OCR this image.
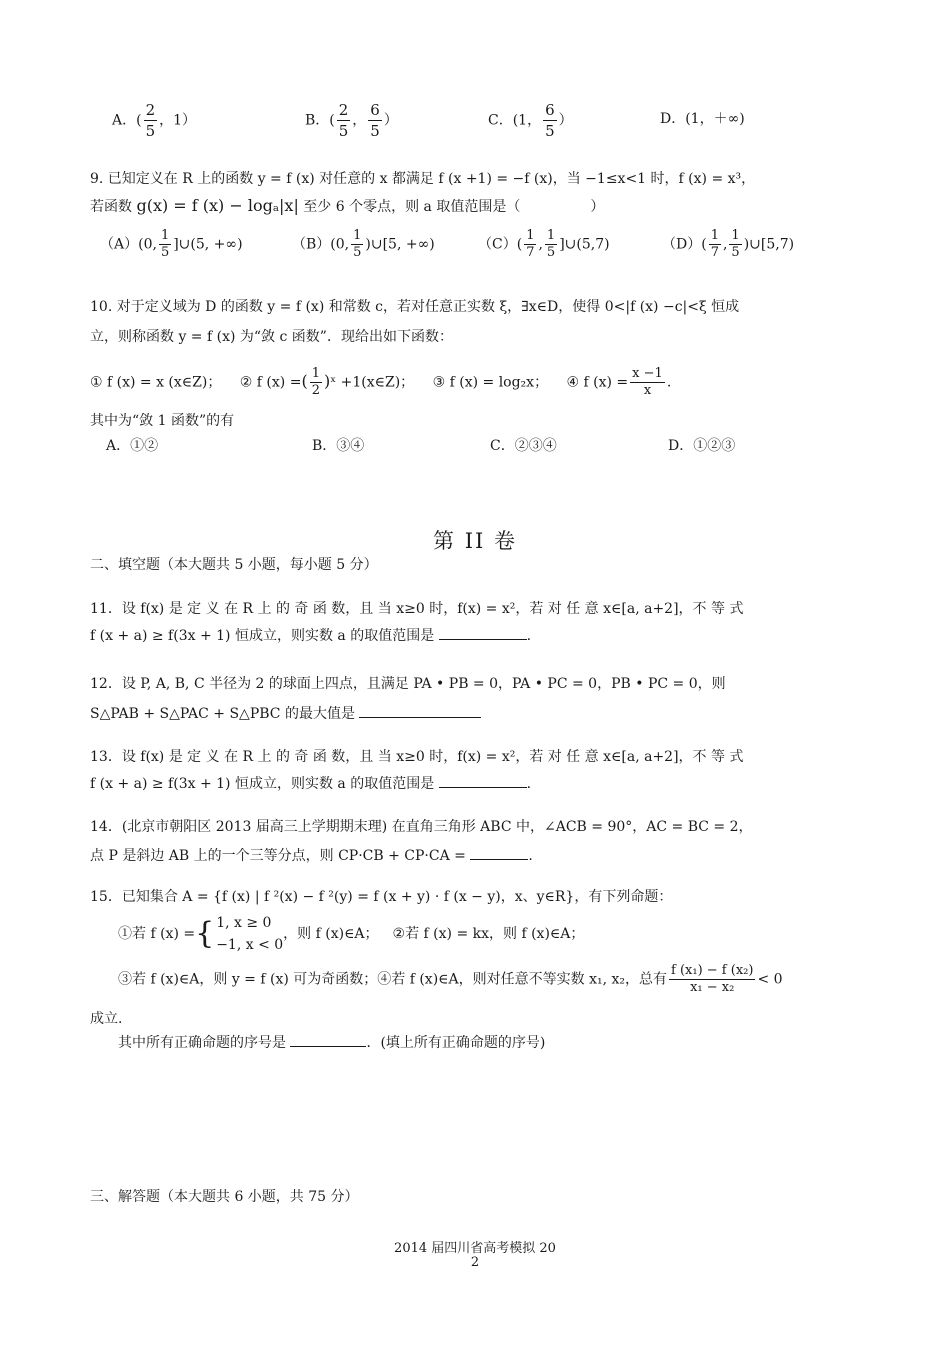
A．( $\frac{2}{5}$ ，1）	B．( $\frac{2}{5}$ ， $\frac{6}{5}$ ）	C．(1， $\frac{6}{5}$ ）	D．(1，＋∞)
9. 已知定义在 R 上的函数 y = f (x) 对任意的 x 都满足 f (x +1) = −f (x)，当 −1≤x<1 时，f (x) = x³，
若函数 g(x) = f (x) − logₐ|x| 至少 6 个零点，则 a 取值范围是（	）
（A）(0, $\frac{1}{5}$ ]∪(5, +∞)	（B）(0, $\frac{1}{5}$ )∪[5, +∞)	$(C)( \frac{1}{7}$ , $\frac{1}{5}$ ]∪(5,7)	$(D)( \frac{1}{7}$ , $\frac{1}{5}$ )∪[5,7)
10. 对于定义域为 D 的函数 y = f (x) 和常数 c，若对任意正实数 ξ，∃x∈D，使得 0<|f (x) −c|<ξ 恒成
立，则称函数 y = f (x) 为“敛 c 函数”．现给出如下函数：
① f (x) = x (x∈Z)； ② f (x) =( $\frac{1}{2}$ )ˣ +1(x∈Z)； ③ f (x) = log₂x； ④ f $(x) = \frac{x -1}{x}$ .
其中为“敛 1 函数”的有
A．①②	B．③④	C．②③④	D．①②③
第 II 卷
二、填空题（本大题共 5 小题，每小题 5 分）
11．设 f(x) 是 定 义 在 R 上 的 奇 函 数，且 当 x≥0 时，f(x) = x²，若 对 任 意 x∈[a, a+2]，不 等 式
f (x + a) ≥ f(3x + 1) 恒成立，则实数 a 的取值范围是	.
12．设 P, A, B, C 半径为 2 的球面上四点，且满足 PA • PB = 0，PA • PC = 0，PB • PC = 0，则
S△PAB + S△PAC + S△PBC 的最大值是
13．设 f(x) 是 定 义 在 R 上 的 奇 函 数，且 当 x≥0 时，f(x) = x²，若 对 任 意 x∈[a, a+2]，不 等 式
f (x + a) ≥ f(3x + 1) 恒成立，则实数 a 的取值范围是	.
14．(北京市朝阳区 2013 届高三上学期期末理) 在直角三角形 ABC 中，∠ACB = 90°，AC = BC = 2，
点 P 是斜边 AB 上的一个三等分点，则 CP·CB + CP·CA =	.
15．已知集合 A = {f (x) | f ²(x) − f ²(y) = f (x + y) · f (x − y)，x、y∈R}，有下列命题：
①若 f (x) ={ 1, x ≥ 0
−1, x < 0
，则 f (x)∈A； ②若 f (x) = kx，则 f (x)∈A；
③若 f (x)∈A，则 y = f (x) 可为奇函数；④若 f (x)∈A，则对任意不等实数 x₁, x₂，总有 $\frac{\text{f (x₁) − f (x₂)}}{\text{x₁ − x₂}} < 0$
成立.
其中所有正确命题的序号是	．(填上所有正确命题的序号)
三、解答题（本大题共 6 小题，共 75 分）
2014 届四川省高考模拟 20
2
